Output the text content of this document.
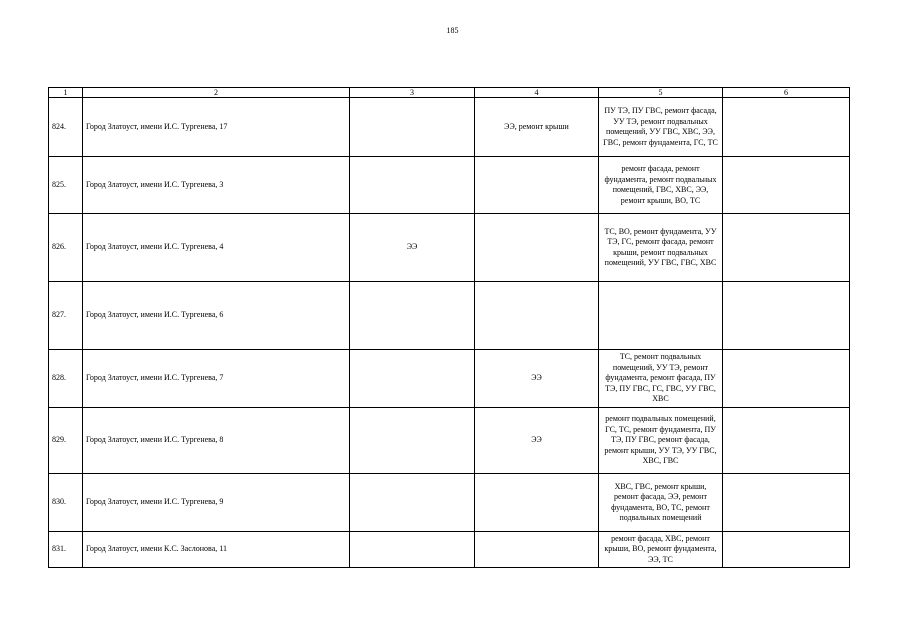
185
1	2	3	4	5	6
824.	Город Златоуст, имени И.С. Тургенева, 17		ЭЭ, ремонт крыши	ПУ ТЭ, ПУ ГВС, ремонт фасада, УУ ТЭ, ремонт подвальных помещений, УУ ГВС, ХВС, ЭЭ, ГВС, ремонт фундамента, ГС, ТС	
825.	Город Златоуст, имени И.С. Тургенева, 3			ремонт фасада, ремонт фундамента, ремонт подвальных помещений, ГВС, ХВС, ЭЭ, ремонт крыши, ВО, ТС	
826.	Город Златоуст, имени И.С. Тургенева, 4	ЭЭ		ТС, ВО, ремонт фундамента, УУ ТЭ, ГС, ремонт фасада, ремонт крыши, ремонт подвальных помещений, УУ ГВС, ГВС, ХВС	
827.	Город Златоуст, имени И.С. Тургенева, 6				
828.	Город Златоуст, имени И.С. Тургенева, 7		ЭЭ	ТС, ремонт подвальных помещений, УУ ТЭ, ремонт фундамента, ремонт фасада, ПУ ТЭ, ПУ ГВС, ГС, ГВС, УУ ГВС, ХВС	
829.	Город Златоуст, имени И.С. Тургенева, 8		ЭЭ	ремонт подвальных помещений, ГС, ТС, ремонт фундамента, ПУ ТЭ, ПУ ГВС, ремонт фасада, ремонт крыши, УУ ТЭ, УУ ГВС, ХВС, ГВС	
830.	Город Златоуст, имени И.С. Тургенева, 9			ХВС, ГВС, ремонт крыши, ремонт фасада, ЭЭ, ремонт фундамента, ВО, ТС, ремонт подвальных помещений	
831.	Город Златоуст, имени К.С. Заслонова, 11			ремонт фасада, ХВС, ремонт крыши, ВО, ремонт фундамента, ЭЭ, ТС	
